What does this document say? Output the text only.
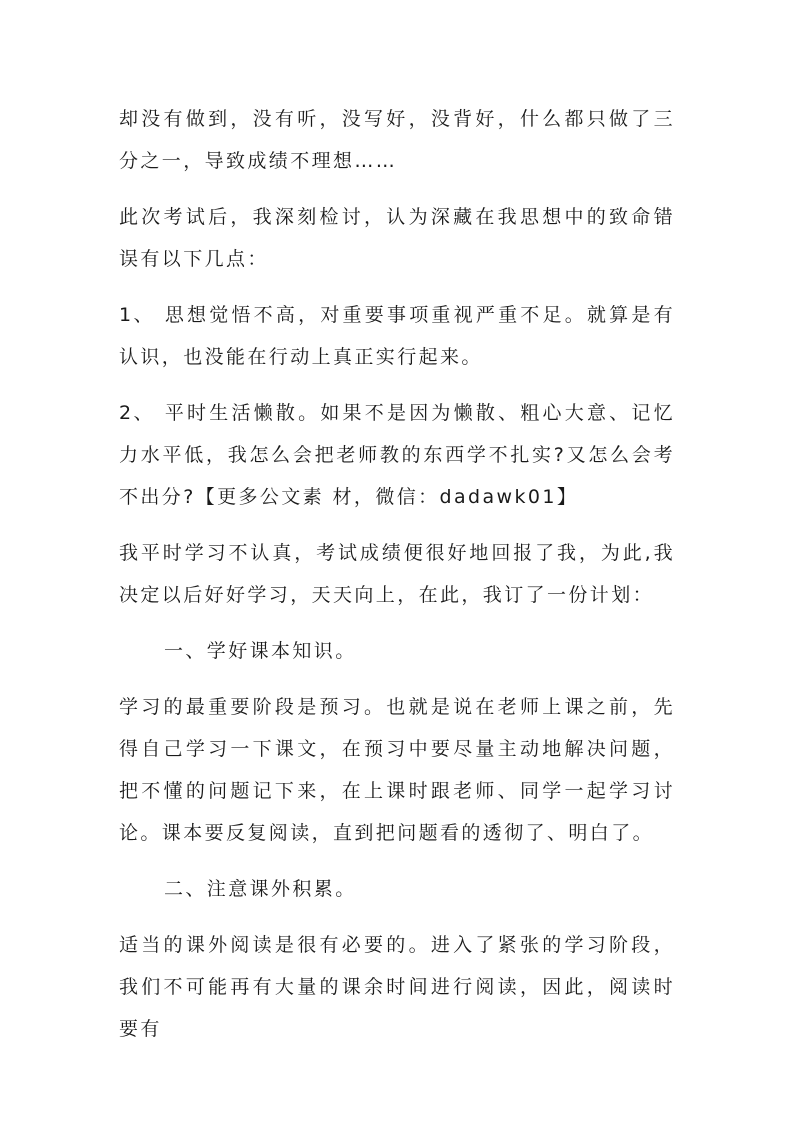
却没有做到，没有听，没写好，没背好，什么都只做了三分之一，导致成绩不理想……

此次考试后，我深刻检讨，认为深藏在我思想中的致命错误有以下几点：

1、 思想觉悟不高，对重要事项重视严重不足。就算是有认识，也没能在行动上真正实行起来。

2、 平时生活懒散。如果不是因为懒散、粗心大意、记忆力水平低，我怎么会把老师教的东西学不扎实?又怎么会考不出分?【更多公文素 材，微信：dadawk01】

我平时学习不认真，考试成绩便很好地回报了我，为此,我决定以后好好学习，天天向上，在此，我订了一份计划：

一、学好课本知识。

学习的最重要阶段是预习。也就是说在老师上课之前，先得自己学习一下课文，在预习中要尽量主动地解决问题，把不懂的问题记下来，在上课时跟老师、同学一起学习讨论。课本要反复阅读，直到把问题看的透彻了、明白了。

二、注意课外积累。

适当的课外阅读是很有必要的。进入了紧张的学习阶段，我们不可能再有大量的课余时间进行阅读，因此，阅读时要有
